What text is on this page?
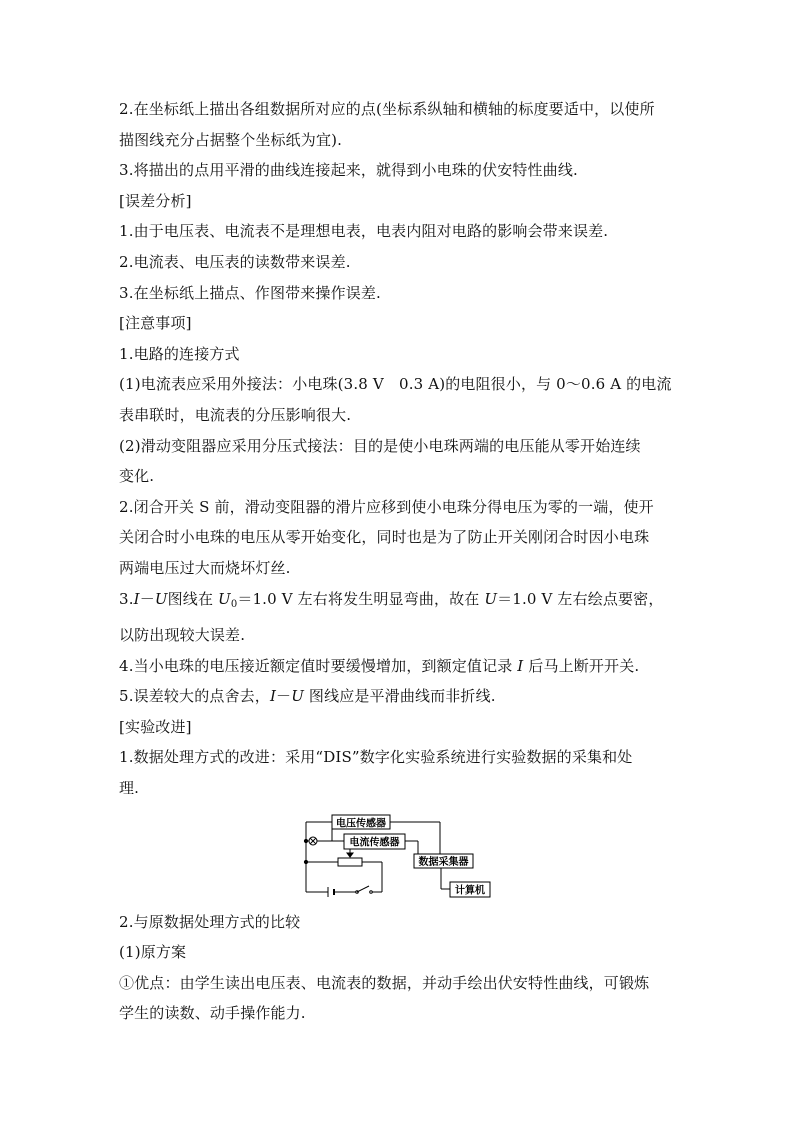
2.在坐标纸上描出各组数据所对应的点(坐标系纵轴和横轴的标度要适中，以使所
描图线充分占据整个坐标纸为宜).
3.将描出的点用平滑的曲线连接起来，就得到小电珠的伏安特性曲线.
[误差分析]
1.由于电压表、电流表不是理想电表，电表内阻对电路的影响会带来误差.
2.电流表、电压表的读数带来误差.
3.在坐标纸上描点、作图带来操作误差.
[注意事项]
1.电路的连接方式
(1)电流表应采用外接法：小电珠(3.8 V　0.3 A)的电阻很小，与 0～0.6 A 的电流
表串联时，电流表的分压影响很大.
(2)滑动变阻器应采用分压式接法：目的是使小电珠两端的电压能从零开始连续
变化.
2.闭合开关 S 前，滑动变阻器的滑片应移到使小电珠分得电压为零的一端，使开
关闭合时小电珠的电压从零开始变化，同时也是为了防止开关刚闭合时因小电珠
两端电压过大而烧坏灯丝.
3.I－U图线在 $U_0=1.0$ V 左右将发生明显弯曲，故在 U＝1.0 V 左右绘点要密，
以防出现较大误差.
4.当小电珠的电压接近额定值时要缓慢增加，到额定值记录 I 后马上断开开关.
5.误差较大的点舍去，I－U 图线应是平滑曲线而非折线.
[实验改进]
1.数据处理方式的改进：采用“DIS”数字化实验系统进行实验数据的采集和处
理.
2.与原数据处理方式的比较
(1)原方案
①优点：由学生读出电压表、电流表的数据，并动手绘出伏安特性曲线，可锻炼
学生的读数、动手操作能力.
电压传感器
电流传感器
数据采集器
计算机
